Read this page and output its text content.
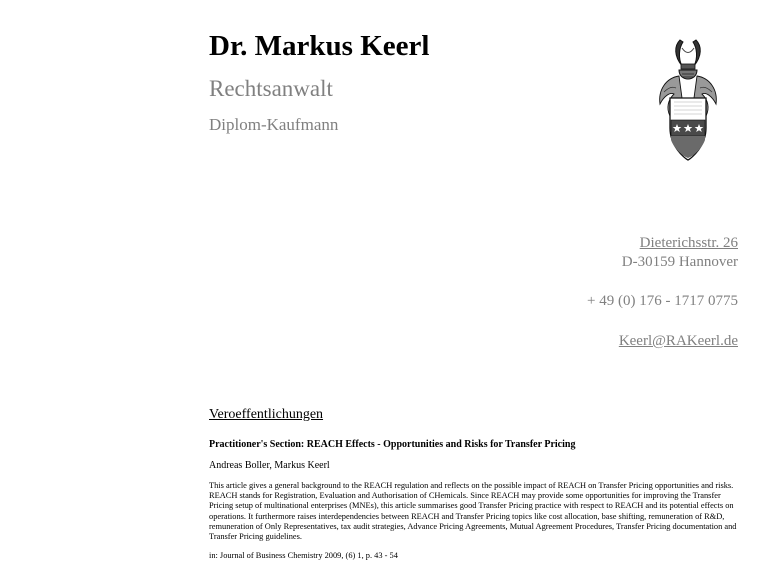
Dr. Markus Keerl
Rechtsanwalt
Diplom-Kaufmann
Dieterichsstr. 26
D-30159 Hannover
+ 49 (0) 176 - 1717 0775
Keerl@RAKeerl.de
Veroeffentlichungen
Practitioner's Section: REACH Effects - Opportunities and Risks for Transfer Pricing
Andreas Boller, Markus Keerl
This article gives a general background to the REACH regulation and reflects on the possible impact of REACH on Transfer Pricing opportunities and risks. REACH stands for Registration, Evaluation and Authorisation of CHemicals. Since REACH may provide some opportunities for improving the Transfer Pricing setup of multinational enterprises (MNEs), this article summarises good Transfer Pricing practice with respect to REACH and its potential effects on operations. It furthermore raises interdependencies between REACH and Transfer Pricing topics like cost allocation, base shifting, remuneration of R&D, remuneration of Only Representatives, tax audit strategies, Advance Pricing Agreements, Mutual Agreement Procedures, Transfer Pricing documentation and Transfer Pricing guidelines.
in: Journal of Business Chemistry 2009, (6) 1, p. 43 - 54
